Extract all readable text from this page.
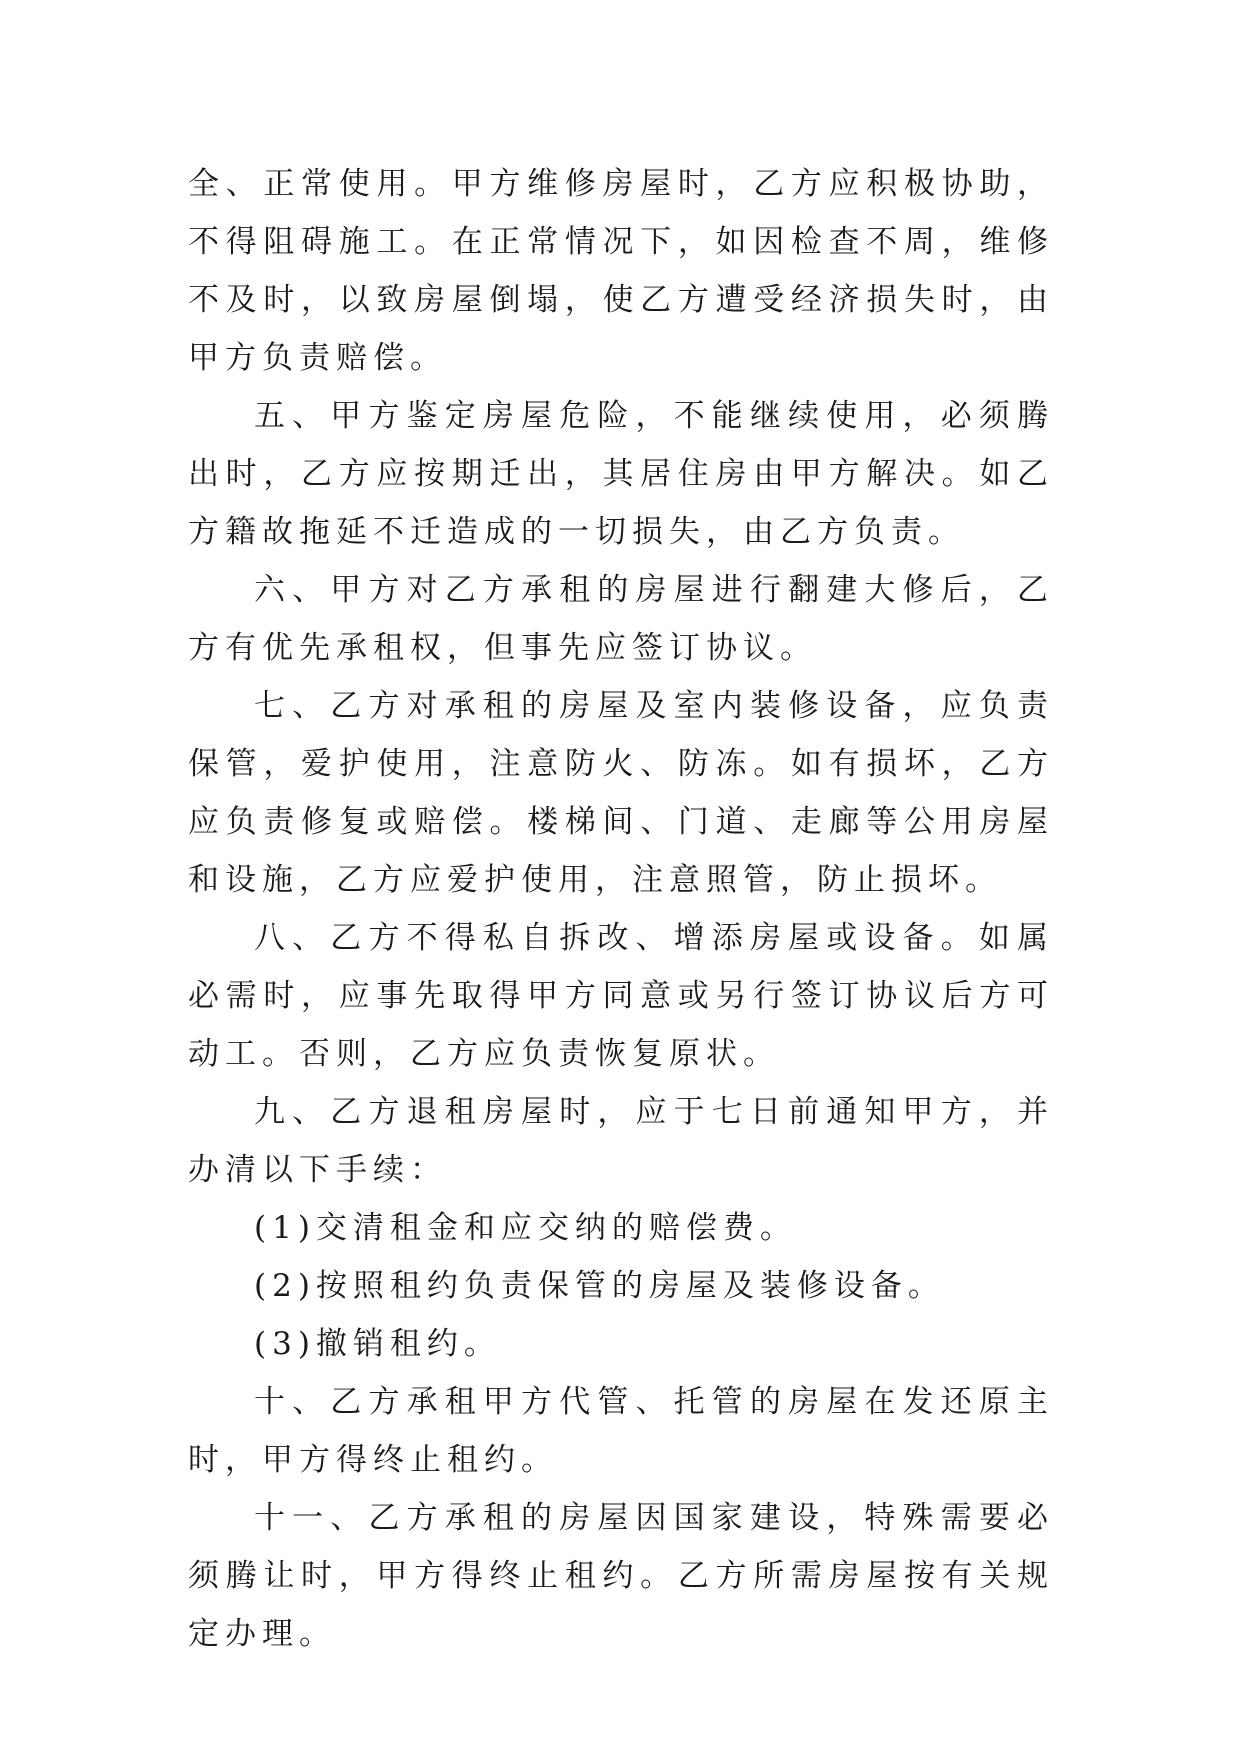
全、正常使用。甲方维修房屋时，乙方应积极协助，不得阻碍施工。在正常情况下，如因检查不周，维修不及时，以致房屋倒塌，使乙方遭受经济损失时，由甲方负责赔偿。

五、甲方鉴定房屋危险，不能继续使用，必须腾出时，乙方应按期迁出，其居住房由甲方解决。如乙方籍故拖延不迁造成的一切损失，由乙方负责。

六、甲方对乙方承租的房屋进行翻建大修后，乙方有优先承租权，但事先应签订协议。

七、乙方对承租的房屋及室内装修设备，应负责保管，爱护使用，注意防火、防冻。如有损坏，乙方应负责修复或赔偿。楼梯间、门道、走廊等公用房屋和设施，乙方应爱护使用，注意照管，防止损坏。

八、乙方不得私自拆改、增添房屋或设备。如属必需时，应事先取得甲方同意或另行签订协议后方可动工。否则，乙方应负责恢复原状。

九、乙方退租房屋时，应于七日前通知甲方，并办清以下手续：

(1)交清租金和应交纳的赔偿费。

(2)按照租约负责保管的房屋及装修设备。

(3)撤销租约。

十、乙方承租甲方代管、托管的房屋在发还原主时，甲方得终止租约。

十一、乙方承租的房屋因国家建设，特殊需要必须腾让时，甲方得终止租约。乙方所需房屋按有关规定办理。
